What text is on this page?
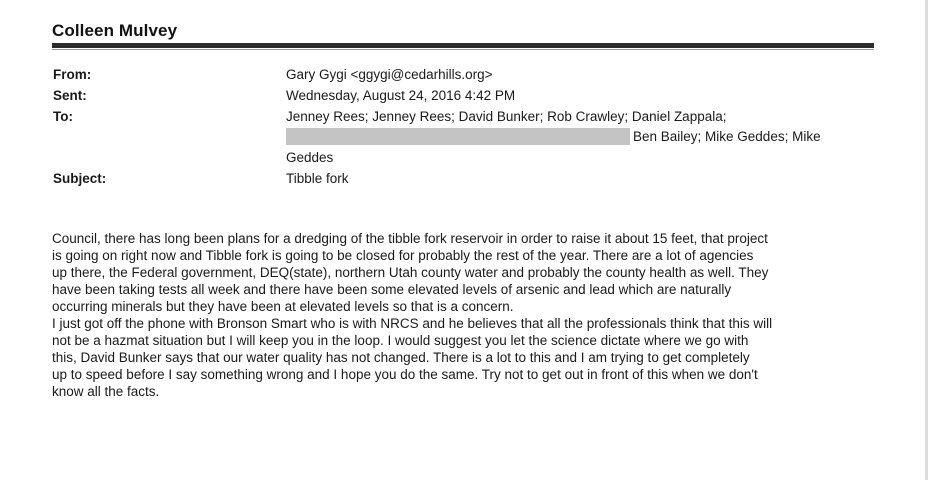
Colleen Mulvey
From:	Gary Gygi <ggygi@cedarhills.org>
Sent:	Wednesday, August 24, 2016 4:42 PM
To:	Jenney Rees; Jenney Rees; David Bunker; Rob Crawley; Daniel Zappala;
Ben Bailey; Mike Geddes; Mike
Geddes
Subject:	Tibble fork
Council, there has long been plans for a dredging of the tibble fork reservoir in order to raise it about 15 feet, that project
is going on right now and Tibble fork is going to be closed for probably the rest of the year. There are a lot of agencies
up there, the Federal government, DEQ(state), northern Utah county water and probably the county health as well. They
have been taking tests all week and there have been some elevated levels of arsenic and lead which are naturally
occurring minerals but they have been at elevated levels so that is a concern.
I just got off the phone with Bronson Smart who is with NRCS and he believes that all the professionals think that this will
not be a hazmat situation but I will keep you in the loop. I would suggest you let the science dictate where we go with
this, David Bunker says that our water quality has not changed. There is a lot to this and I am trying to get completely
up to speed before I say something wrong and I hope you do the same. Try not to get out in front of this when we don't
know all the facts.
